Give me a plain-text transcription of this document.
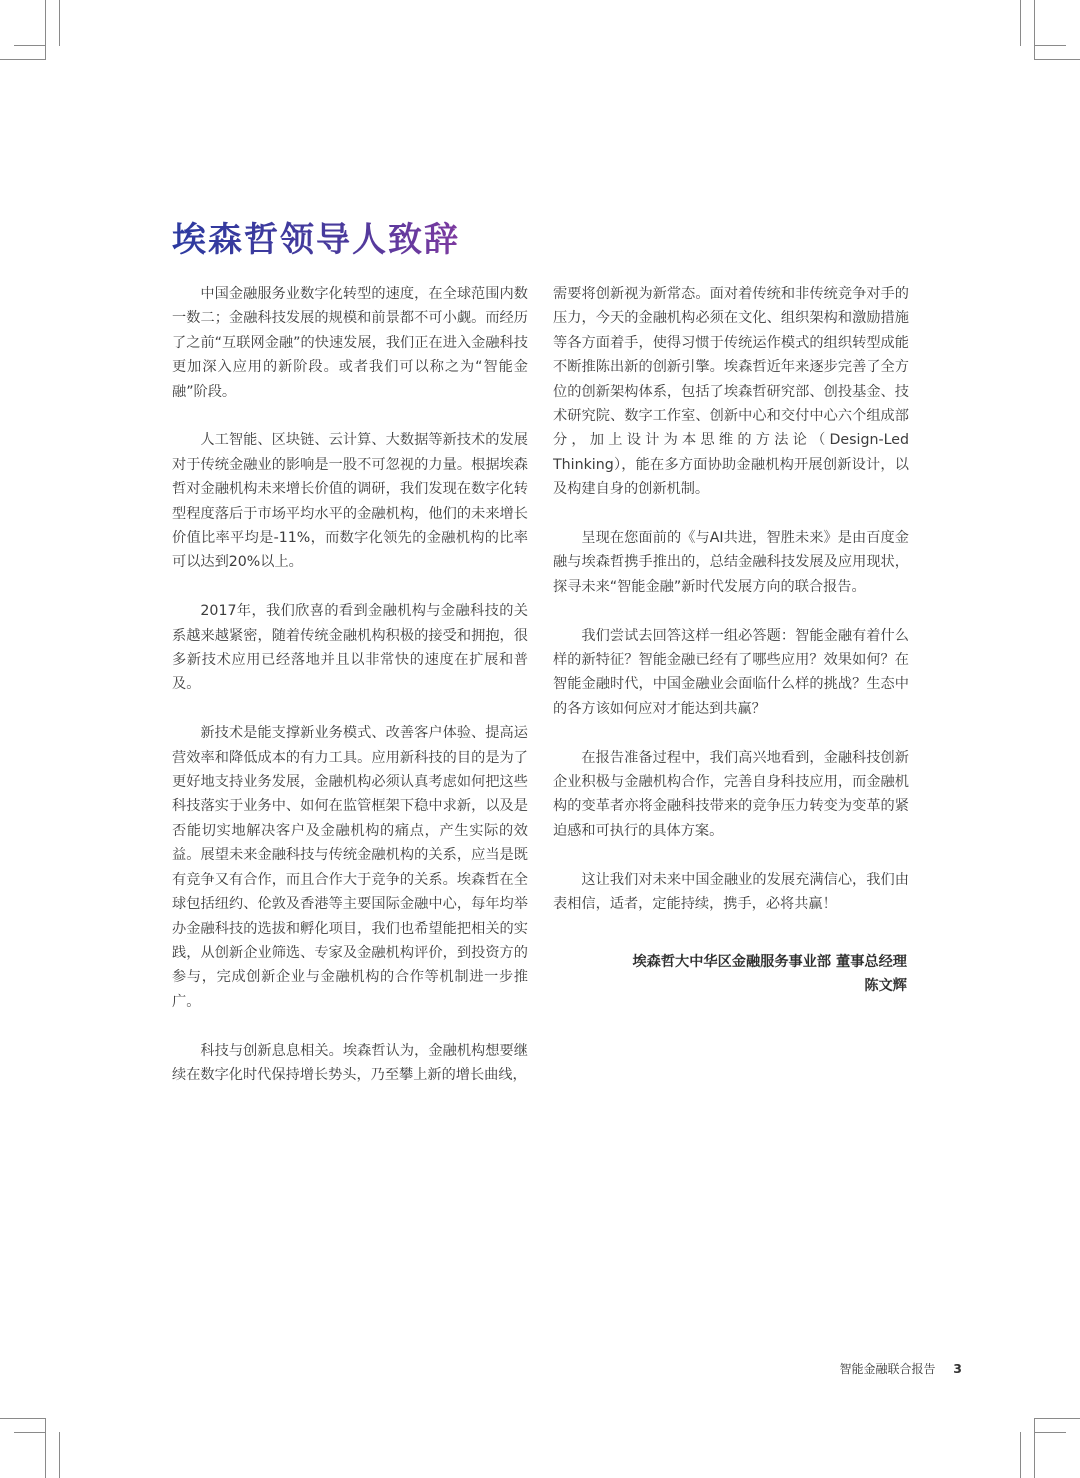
埃森哲领导人致辞

中国金融服务业数字化转型的速度，在全球范围内数一数二；金融科技发展的规模和前景都不可小觑。而经历了之前“互联网金融”的快速发展，我们正在进入金融科技更加深入应用的新阶段。或者我们可以称之为“智能金融”阶段。

人工智能、区块链、云计算、大数据等新技术的发展对于传统金融业的影响是一股不可忽视的力量。根据埃森哲对金融机构未来增长价值的调研，我们发现在数字化转型程度落后于市场平均水平的金融机构，他们的未来增长价值比率平均是-11%，而数字化领先的金融机构的比率可以达到20%以上。

2017年，我们欣喜的看到金融机构与金融科技的关系越来越紧密，随着传统金融机构积极的接受和拥抱，很多新技术应用已经落地并且以非常快的速度在扩展和普及。

新技术是能支撑新业务模式、改善客户体验、提高运营效率和降低成本的有力工具。应用新科技的目的是为了更好地支持业务发展，金融机构必须认真考虑如何把这些科技落实于业务中、如何在监管框架下稳中求新，以及是否能切实地解决客户及金融机构的痛点，产生实际的效益。展望未来金融科技与传统金融机构的关系，应当是既有竞争又有合作，而且合作大于竞争的关系。埃森哲在全球包括纽约、伦敦及香港等主要国际金融中心，每年均举办金融科技的选拔和孵化项目，我们也希望能把相关的实践，从创新企业筛选、专家及金融机构评价，到投资方的参与，完成创新企业与金融机构的合作等机制进一步推广。

科技与创新息息相关。埃森哲认为，金融机构想要继续在数字化时代保持增长势头，乃至攀上新的增长曲线，

需要将创新视为新常态。面对着传统和非传统竞争对手的压力，今天的金融机构必须在文化、组织架构和激励措施等各方面着手，使得习惯于传统运作模式的组织转型成能不断推陈出新的创新引擎。埃森哲近年来逐步完善了全方位的创新架构体系，包括了埃森哲研究部、创投基金、技术研究院、数字工作室、创新中心和交付中心六个组成部分，加上设计为本思维的方法论（Design-Led Thinking），能在多方面协助金融机构开展创新设计，以及构建自身的创新机制。

呈现在您面前的《与AI共进，智胜未来》是由百度金融与埃森哲携手推出的，总结金融科技发展及应用现状，探寻未来“智能金融”新时代发展方向的联合报告。

我们尝试去回答这样一组必答题：智能金融有着什么样的新特征？智能金融已经有了哪些应用？效果如何？在智能金融时代，中国金融业会面临什么样的挑战？生态中的各方该如何应对才能达到共赢？

在报告准备过程中，我们高兴地看到，金融科技创新企业积极与金融机构合作，完善自身科技应用，而金融机构的变革者亦将金融科技带来的竞争压力转变为变革的紧迫感和可执行的具体方案。

这让我们对未来中国金融业的发展充满信心，我们由表相信，适者，定能持续，携手，必将共赢！

埃森哲大中华区金融服务事业部 董事总经理
陈文辉
智能金融联合报告 3
